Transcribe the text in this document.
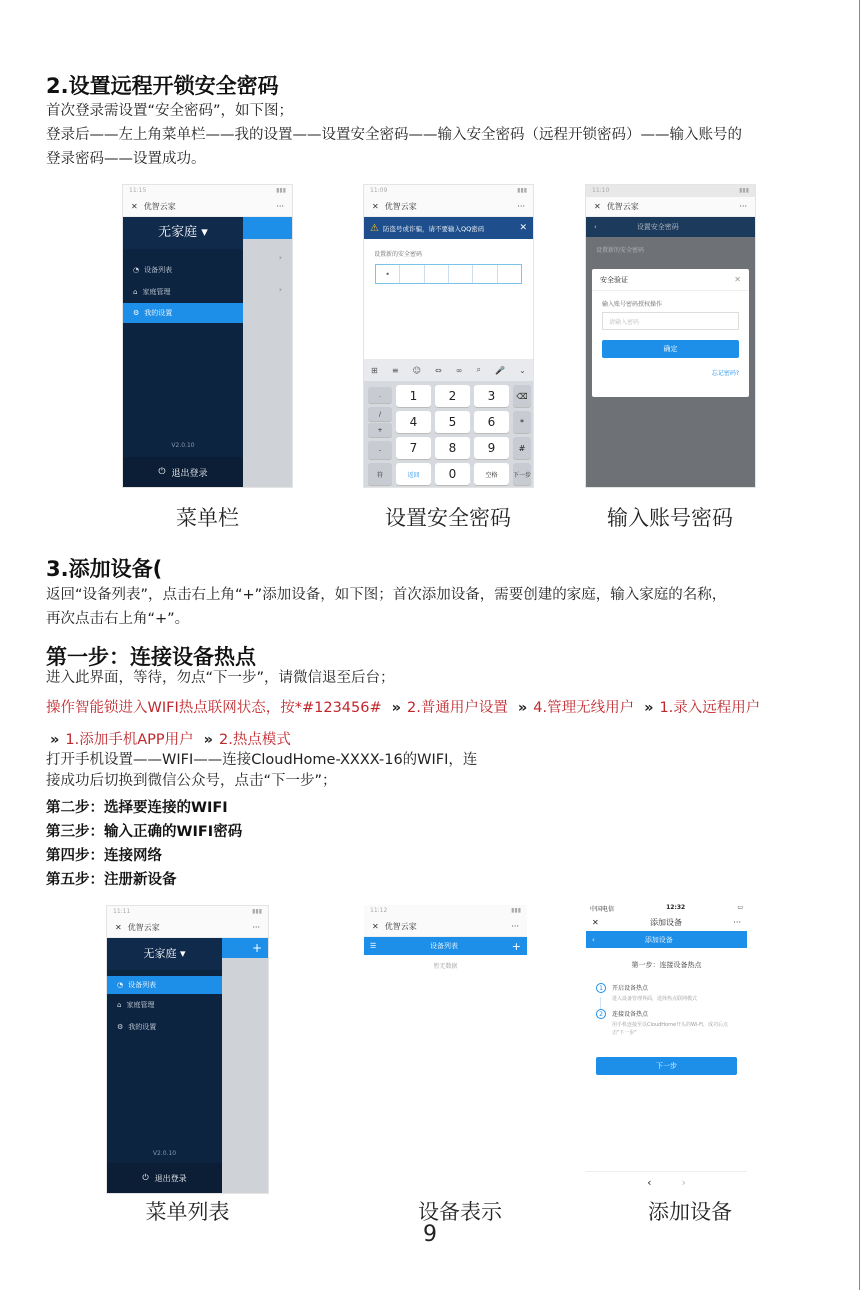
2.设置远程开锁安全密码
首次登录需设置“安全密码”，如下图；
登录后——左上角菜单栏——我的设置——设置安全密码——输入安全密码（远程开锁密码）——输入账号的
登录密码——设置成功。
11:15	▮▮▮
✕ 优智云家	···
›
›
无家庭 ▾
◔ 设备列表
⌂ 家庭管理
⚙ 我的设置
V2.0.10
⏻ 退出登录
菜单栏
11:09	▮▮▮
✕ 优智云家	···
⚠ 防盗号或诈骗，请不要输入QQ密码	✕
设置新的安全密码
•
⊞ ≡ ☺ ⇔ ∞ ⌕ 🎤 ⌄
.
/
+
-
1	2	3
4	5	6
7	8	9
⌫
*
#
符	返回	0	空格	下一步
设置安全密码
11:10	▮▮▮
✕ 优智云家	···
‹	设置安全密码
设置新的安全密码
安全验证	✕
输入账号密码授权操作
请输入密码
确定
忘记密码?
输入账号密码
3.添加设备(
返回“设备列表”，点击右上角“+”添加设备，如下图；首次添加设备，需要创建的家庭，输入家庭的名称，
再次点击右上角“+”。
第一步：连接设备热点
进入此界面，等待，勿点“下一步”，请微信退至后台；
操作智能锁进入WIFI热点联网状态，按*#123456# » 2.普通用户设置 » 4.管理无线用户 » 1.录入远程用户
» 1.添加手机APP用户 » 2.热点模式
打开手机设置——WIFI——连接CloudHome-XXXX-16的WIFI，连
接成功后切换到微信公众号，点击“下一步”；
第二步：选择要连接的WIFI
第三步：输入正确的WIFI密码
第四步：连接网络
第五步：注册新设备
11:11	▮▮▮
✕ 优智云家	···
+
无家庭 ▾
◔ 设备列表
⌂ 家庭管理
⚙ 我的设置
V2.0.10
⏻ 退出登录
菜单列表
11:12	▮▮▮
✕ 优智云家	···
☰	设备列表	+
暂无数据
设备表示
9
中国电信	12:32	▭
✕	添加设备	···
‹	添加设备
第一步：连接设备热点
1	开启设备热点
进入设备管理界面，选择热点联网模式
2	连接设备热点
用手机连接至以CloudHome开头的Wi-Fi，成功后点击"下一步"
下一步
‹	›
添加设备
